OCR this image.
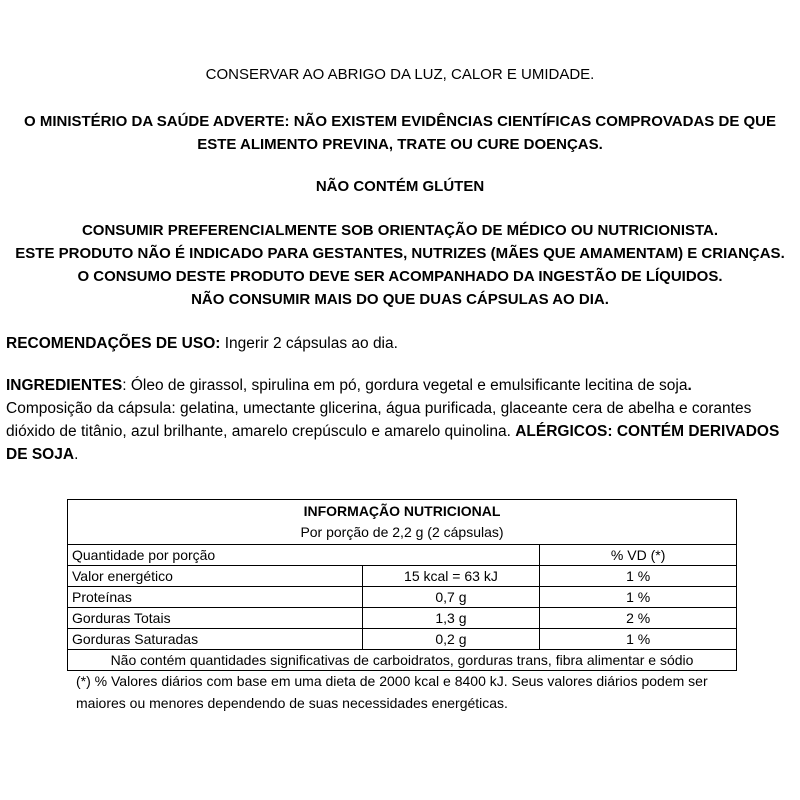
CONSERVAR AO ABRIGO DA LUZ, CALOR E UMIDADE.
O MINISTÉRIO DA SAÚDE ADVERTE: NÃO EXISTEM EVIDÊNCIAS CIENTÍFICAS COMPROVADAS DE QUE
ESTE ALIMENTO PREVINA, TRATE OU CURE DOENÇAS.
NÃO CONTÉM GLÚTEN
CONSUMIR PREFERENCIALMENTE SOB ORIENTAÇÃO DE MÉDICO OU NUTRICIONISTA.
ESTE PRODUTO NÃO É INDICADO PARA GESTANTES, NUTRIZES (MÃES QUE AMAMENTAM) E CRIANÇAS.
O CONSUMO DESTE PRODUTO DEVE SER ACOMPANHADO DA INGESTÃO DE LÍQUIDOS.
NÃO CONSUMIR MAIS DO QUE DUAS CÁPSULAS AO DIA.
RECOMENDAÇÕES DE USO: Ingerir 2 cápsulas ao dia.
INGREDIENTES: Óleo de girassol, spirulina em pó, gordura vegetal e emulsificante lecitina de soja.
Composição da cápsula: gelatina, umectante glicerina, água purificada, glaceante cera de abelha e corantes dióxido de titânio, azul brilhante, amarelo crepúsculo e amarelo quinolina. ALÉRGICOS: CONTÉM DERIVADOS DE SOJA.
INFORMAÇÃO NUTRICIONAL
Por porção de 2,2 g (2 cápsulas)		

Quantidade por porção		% VD (*)
Valor energético	15 kcal = 63 kJ	1 %
Proteínas	0,7 g	1 %
Gorduras Totais	1,3 g	2 %
Gorduras Saturadas	0,2 g	1 %
Não contém quantidades significativas de carboidratos, gorduras trans, fibra alimentar e sódio		
(*) % Valores diários com base em uma dieta de 2000 kcal e 8400 kJ. Seus valores diários podem ser maiores ou menores dependendo de suas necessidades energéticas.
